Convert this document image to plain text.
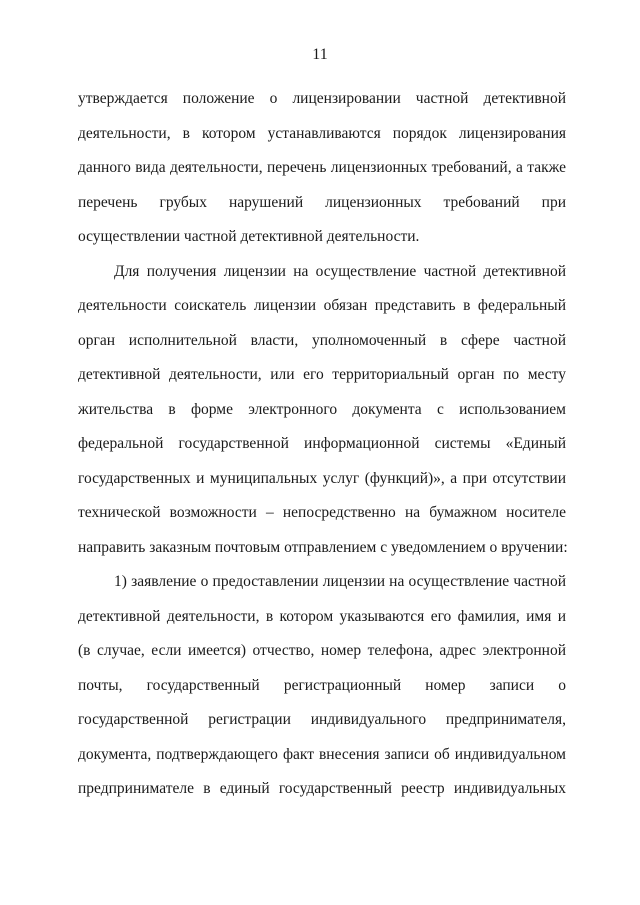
11
утверждается положение о лицензировании частной детективной
деятельности, в котором устанавливаются порядок лицензирования
данного вида деятельности, перечень лицензионных требований, а также
перечень грубых нарушений лицензионных требований при
осуществлении частной детективной деятельности.
Для получения лицензии на осуществление частной детективной
деятельности соискатель лицензии обязан представить в федеральный
орган исполнительной власти, уполномоченный в сфере частной
детективной деятельности, или его территориальный орган по месту
жительства в форме электронного документа с использованием
федеральной государственной информационной системы «Единый
государственных и муниципальных услуг (функций)», а при отсутствии
технической возможности – непосредственно на бумажном носителе
направить заказным почтовым отправлением с уведомлением о вручении:
1) заявление о предоставлении лицензии на осуществление частной
детективной деятельности, в котором указываются его фамилия, имя и
(в случае, если имеется) отчество, номер телефона, адрес электронной
почты, государственный регистрационный номер записи о
государственной регистрации индивидуального предпринимателя,
документа, подтверждающего факт внесения записи об индивидуальном
предпринимателе в единый государственный реестр индивидуальных
